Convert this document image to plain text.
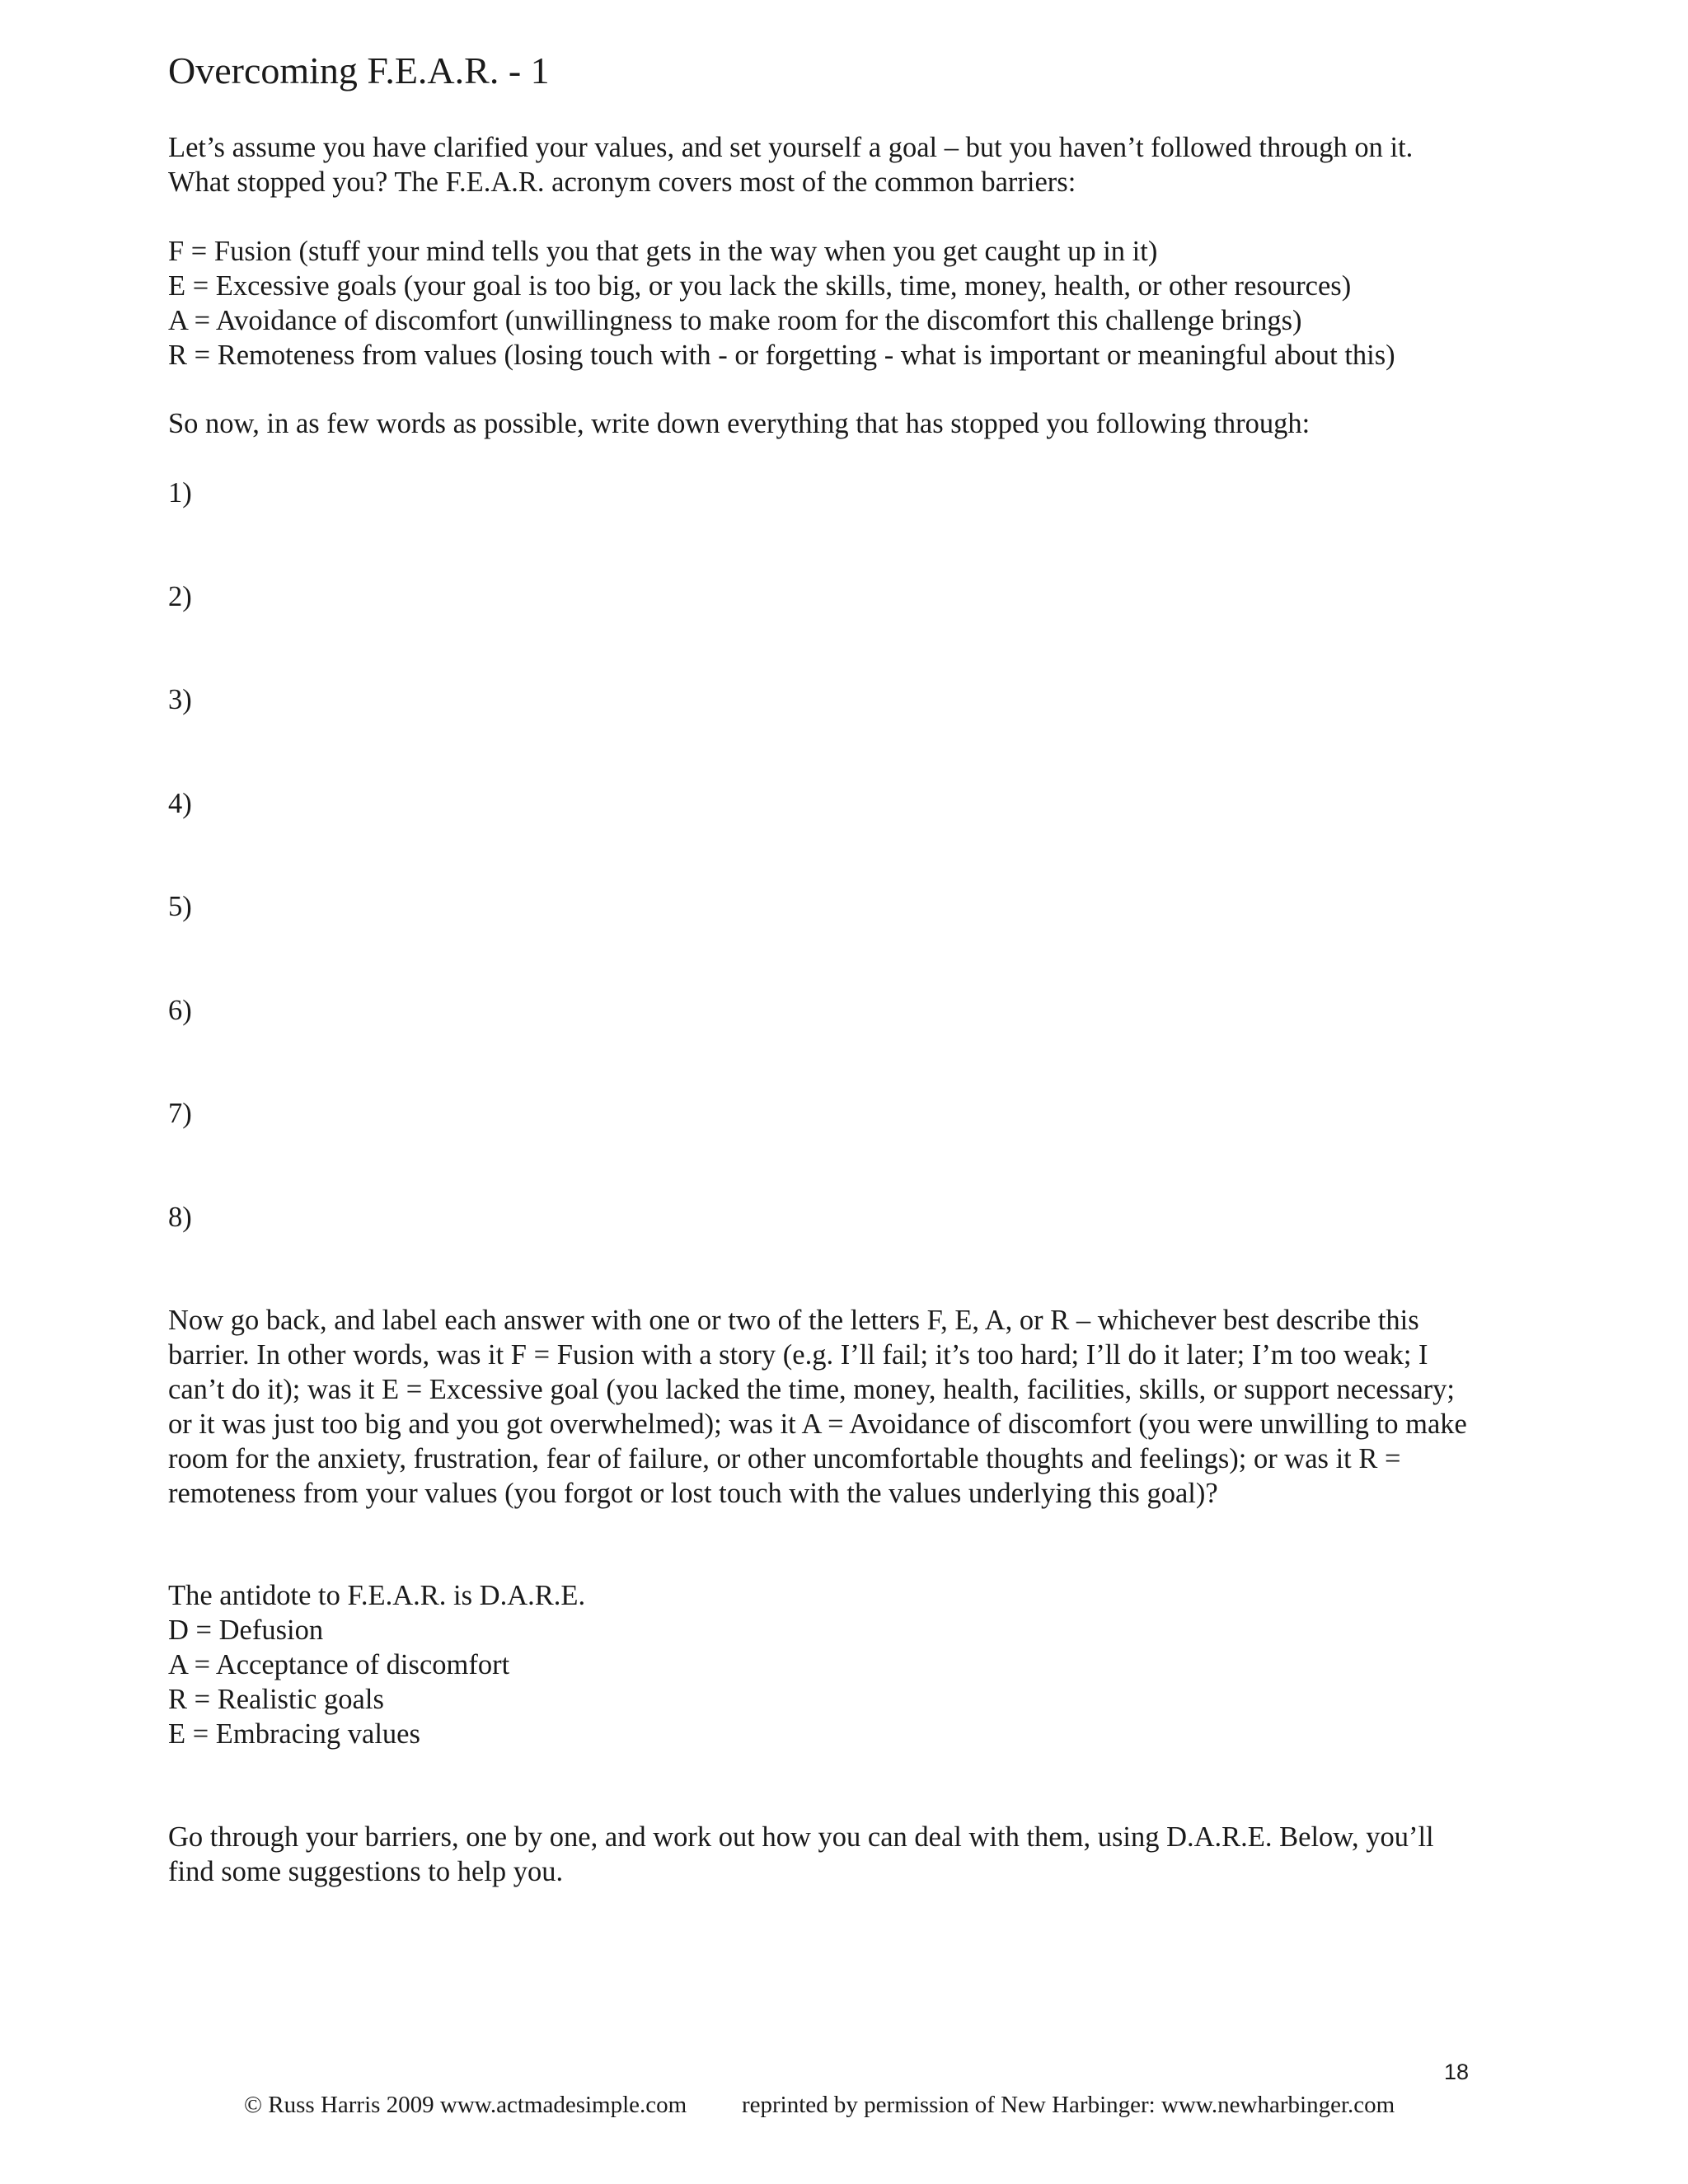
Overcoming F.E.A.R. - 1
Let’s assume you have clarified your values, and set yourself a goal – but you haven’t followed through on it.
What stopped you? The F.E.A.R. acronym covers most of the common barriers:
F = Fusion (stuff your mind tells you that gets in the way when you get caught up in it)
E = Excessive goals (your goal is too big, or you lack the skills, time, money, health, or other resources)
A = Avoidance of discomfort (unwillingness to make room for the discomfort this challenge brings)
R = Remoteness from values (losing touch with - or forgetting - what is important or meaningful about this)
So now, in as few words as possible, write down everything that has stopped you following through:
1)
2)
3)
4)
5)
6)
7)
8)
Now go back, and label each answer with one or two of the letters F, E, A, or R – whichever best describe this
barrier. In other words, was it F = Fusion with a story (e.g. I’ll fail; it’s too hard; I’ll do it later; I’m too weak; I
can’t do it); was it E = Excessive goal (you lacked the time, money, health, facilities, skills, or support necessary;
or it was just too big and you got overwhelmed); was it A = Avoidance of discomfort (you were unwilling to make
room for the anxiety, frustration, fear of failure, or other uncomfortable thoughts and feelings); or was it R =
remoteness from your values (you forgot or lost touch with the values underlying this goal)?
The antidote to F.E.A.R. is D.A.R.E.
D = Defusion
A = Acceptance of discomfort
R = Realistic goals
E = Embracing values
Go through your barriers, one by one, and work out how you can deal with them, using D.A.R.E. Below, you’ll
find some suggestions to help you.
18
© Russ Harris 2009 www.actmadesimple.com reprinted by permission of New Harbinger: www.newharbinger.com
